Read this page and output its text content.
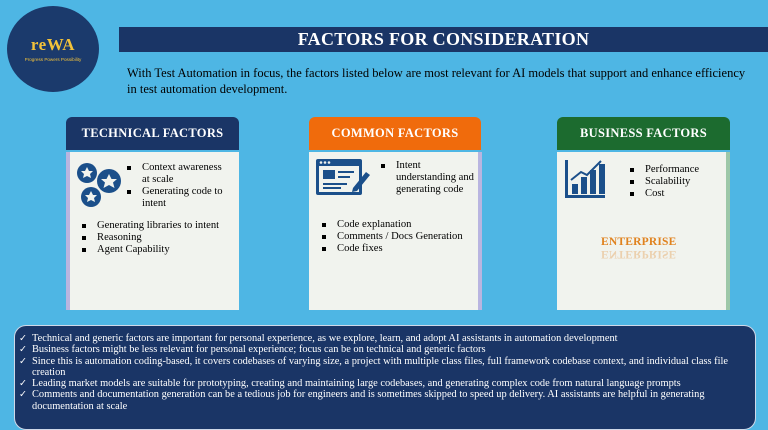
reWA
Progress Powers Possibility
FACTORS FOR CONSIDERATION
With Test Automation in focus, the factors listed below are most relevant for AI models that support and enhance efficiency in test automation development.
TECHNICAL FACTORS
Context awareness at scale
Generating code to intent
Generating libraries to intent
Reasoning
Agent Capability
COMMON FACTORS
Intent understanding and generating code
Code explanation
Comments / Docs Generation
Code fixes
BUSINESS FACTORS
Performance
Scalability
Cost
ENTERPRISE
ENTERPRISE
✓ Technical and generic factors are important for personal experience, as we explore, learn, and adopt AI assistants in automation development
✓ Business factors might be less relevant for personal experience; focus can be on technical and generic factors
✓ Since this is automation coding-based, it covers codebases of varying size, a project with multiple class files, full framework codebase context, and individual class file creation
✓ Leading market models are suitable for prototyping, creating and maintaining large codebases, and generating complex code from natural language prompts
✓ Comments and documentation generation can be a tedious job for engineers and is sometimes skipped to speed up delivery. AI assistants are helpful in generating documentation at scale
